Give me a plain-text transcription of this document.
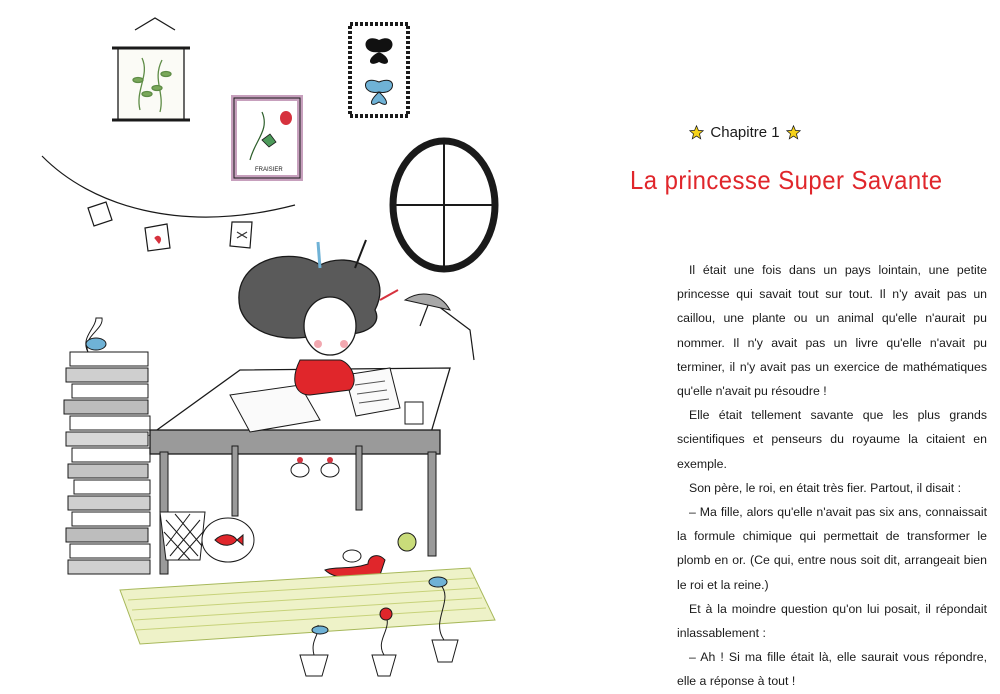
FRAISIER
Chapitre 1
La princesse Super Savante

Il était une fois dans un pays lointain, une petite princesse qui savait tout sur tout. Il n'y avait pas un caillou, une plante ou un animal qu'elle n'aurait pu nommer. Il n'y avait pas un livre qu'elle n'avait pu terminer, il n'y avait pas un exercice de mathématiques qu'elle n'avait pu résoudre !

Elle était tellement savante que les plus grands scientifiques et penseurs du royaume la citaient en exemple.

Son père, le roi, en était très fier. Partout, il disait :

– Ma fille, alors qu'elle n'avait pas six ans, connaissait la formule chimique qui permettait de transformer le plomb en or. (Ce qui, entre nous soit dit, arrangeait bien le roi et la reine.)

Et à la moindre question qu'on lui posait, il répondait inlassablement :

– Ah ! Si ma fille était là, elle saurait vous répondre, elle a réponse à tout !
